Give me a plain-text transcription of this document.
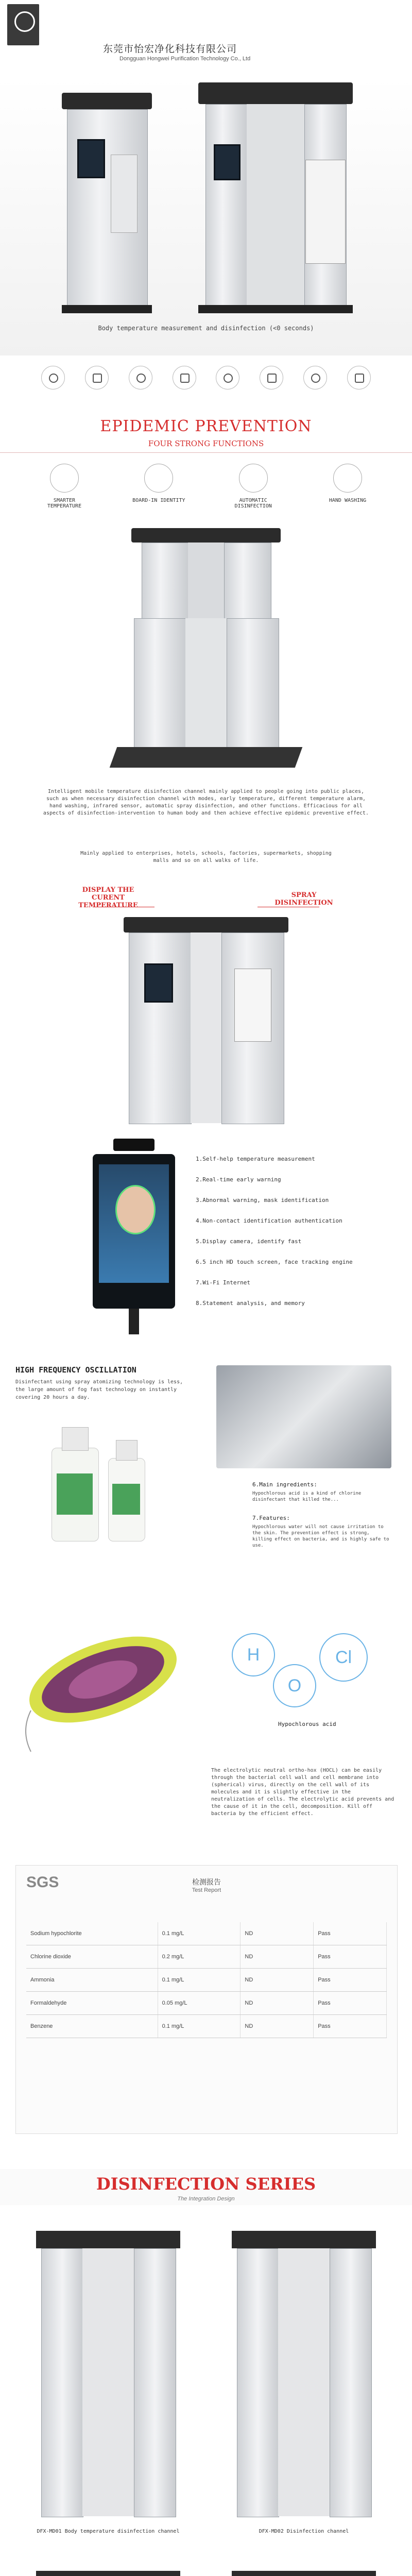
东莞市怡宏净化科技有限公司
Dongguan Hongwei Purification Technology Co., Ltd
Body temperature measurement and disinfection (<0 seconds)
EPIDEMIC PREVENTION
FOUR STRONG FUNCTIONS
SMARTER
TEMPERATURE
BOARD-IN IDENTITY	AUTOMATIC
DISINFECTION
HAND WASHING
Intelligent mobile temperature disinfection channel mainly applied to people going into public places, such as when necessary disinfection channel with modes, early temperature, different temperature alarm, hand washing, infrared sensor, automatic spray disinfection, and other functions. Efficacious for all aspects of disinfection-intervention to human body and then achieve effective epidemic preventive effect.
Mainly applied to enterprises, hotels, schools, factories, supermarkets, shopping malls and so on all walks of life.
DISPLAY THE
CURENT
TEMPERATURE
SPRAY
DISINFECTION
1.Self-help temperature measurement
2.Real-time early warning
3.Abnormal warning, mask identification
4.Non-contact identification authentication
5.Display camera, identify fast
6.5 inch HD touch screen, face tracking engine
7.Wi-Fi Internet
8.Statement analysis, and memory
HIGH FREQUENCY OSCILLATION
Disinfectant using spray atomizing technology is less, the large amount of fog fast technology on instantly covering 20 hours a day.
6.Main ingredients:
Hypochlorous acid is a kind of chlorine disinfectant that killed the...
7.Features:
Hypochlorous water will not cause irritation to the skin. The prevention effect is strong, killing effect on bacteria, and is highly safe to use.
H
O
Cl
Hypochlorous acid
The electrolytic neutral ortho-hox (HOCL) can be easily through the bacterial cell wall and cell membrane into (spherical) virus, directly on the cell wall of its molecules and it is slightly effective in the neutralization of cells. The electrolytic acid prevents and the cause of it in the cell, decomposition. Kill off bacteria by the efficient effect.
SGS	检测报告
Test Report
Sodium hypochlorite	0.1 mg/L	ND	Pass
Chlorine dioxide	0.2 mg/L	ND	Pass
Ammonia	0.1 mg/L	ND	Pass
Formaldehyde	0.05 mg/L	ND	Pass
Benzene	0.1 mg/L	ND	Pass
DISINFECTION SERIES
The Integration Design
DFX-MD01 Body temperature disinfection channel	DFX-MD02 Disinfection channel
